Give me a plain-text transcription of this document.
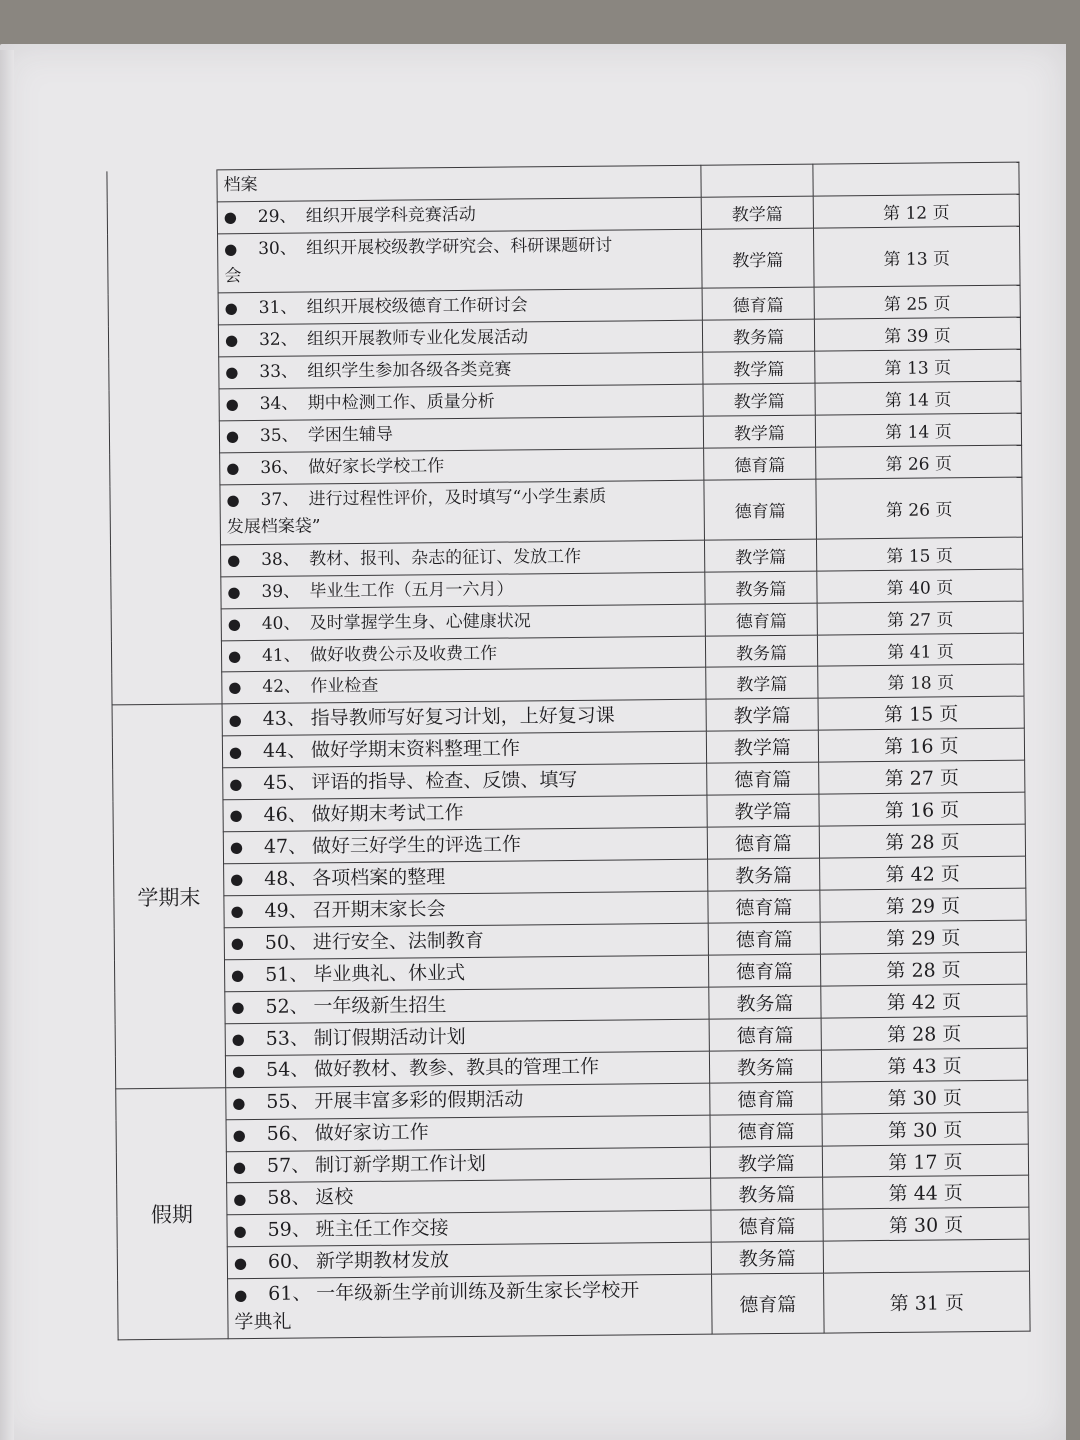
	档案		
	● 29、 组织开展学科竞赛活动	教学篇	第 12 页
	● 30、 组织开展校级教学研究会、科研课题研讨
会	教学篇	第 13 页
	● 31、 组织开展校级德育工作研讨会	德育篇	第 25 页
	● 32、 组织开展教师专业化发展活动	教务篇	第 39 页
	● 33、 组织学生参加各级各类竞赛	教学篇	第 13 页
	● 34、 期中检测工作、质量分析	教学篇	第 14 页
	● 35、 学困生辅导	教学篇	第 14 页
	● 36、 做好家长学校工作	德育篇	第 26 页
	● 37、 进行过程性评价，及时填写“小学生素质
发展档案袋”	德育篇	第 26 页
	● 38、 教材、报刊、杂志的征订、发放工作	教学篇	第 15 页
	● 39、 毕业生工作（五月一六月）	教务篇	第 40 页
	● 40、 及时掌握学生身、心健康状况	德育篇	第 27 页
	● 41、 做好收费公示及收费工作	教务篇	第 41 页
	● 42、 作业检查	教学篇	第 18 页
学期末	● 43、 指导教师写好复习计划，上好复习课	教学篇	第 15 页
	● 44、 做好学期末资料整理工作	教学篇	第 16 页
	● 45、 评语的指导、检查、反馈、填写	德育篇	第 27 页
	● 46、 做好期末考试工作	教学篇	第 16 页
	● 47、 做好三好学生的评选工作	德育篇	第 28 页
	● 48、 各项档案的整理	教务篇	第 42 页
	● 49、 召开期末家长会	德育篇	第 29 页
	● 50、 进行安全、法制教育	德育篇	第 29 页
	● 51、 毕业典礼、休业式	德育篇	第 28 页
	● 52、 一年级新生招生	教务篇	第 42 页
	● 53、 制订假期活动计划	德育篇	第 28 页
	● 54、 做好教材、教参、教具的管理工作	教务篇	第 43 页
假期	● 55、 开展丰富多彩的假期活动	德育篇	第 30 页
	● 56、 做好家访工作	德育篇	第 30 页
	● 57、 制订新学期工作计划	教学篇	第 17 页
	● 58、 返校	教务篇	第 44 页
	● 59、 班主任工作交接	德育篇	第 30 页
	● 60、 新学期教材发放	教务篇	
	● 61、 一年级新生学前训练及新生家长学校开
学典礼	德育篇	第 31 页
